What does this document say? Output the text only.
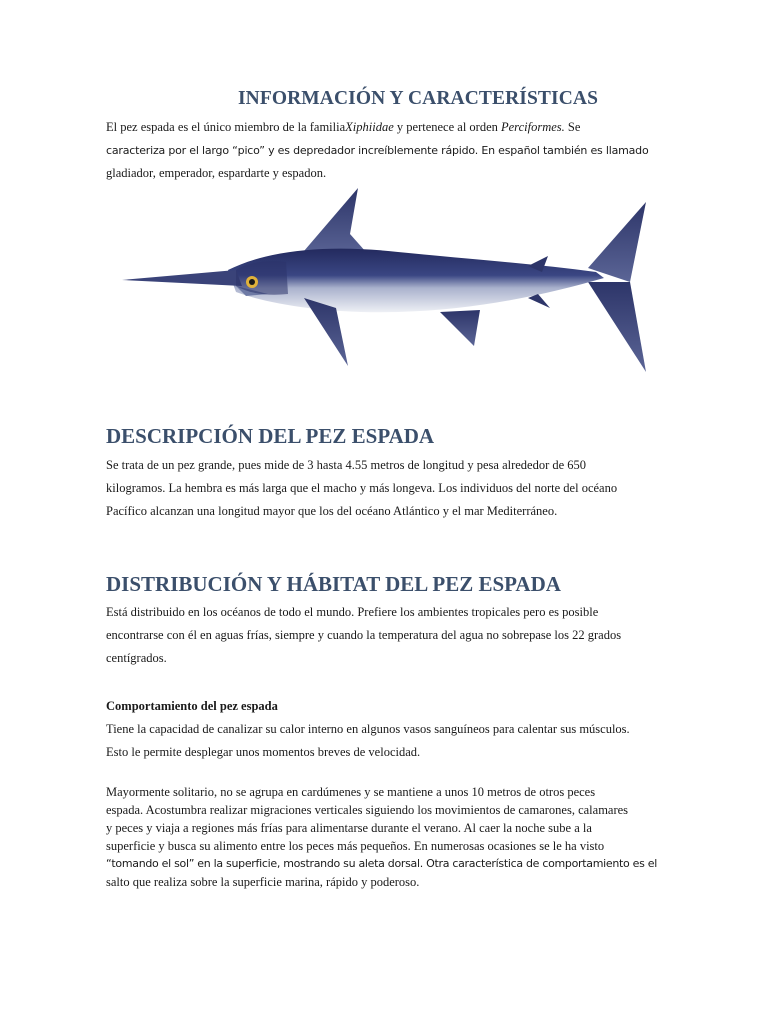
INFORMACIÓN Y CARACTERÍSTICAS
El pez espada es el único miembro de la familiaXiphiidae y pertenece al orden Perciformes. Se
caracteriza por el largo “pico” y es depredador increíblemente rápido. En español también es llamado
gladiador, emperador, espardarte y espadon.
DESCRIPCIÓN DEL PEZ ESPADA
Se trata de un pez grande, pues mide de 3 hasta 4.55 metros de longitud y pesa alrededor de 650
kilogramos. La hembra es más larga que el macho y más longeva. Los individuos del norte del océano
Pacífico alcanzan una longitud mayor que los del océano Atlántico y el mar Mediterráneo.
DISTRIBUCIÓN Y HÁBITAT DEL PEZ ESPADA
Está distribuido en los océanos de todo el mundo. Prefiere los ambientes tropicales pero es posible
encontrarse con él en aguas frías, siempre y cuando la temperatura del agua no sobrepase los 22 grados
centígrados.
Comportamiento del pez espada
Tiene la capacidad de canalizar su calor interno en algunos vasos sanguíneos para calentar sus músculos.
Esto le permite desplegar unos momentos breves de velocidad.
Mayormente solitario, no se agrupa en cardúmenes y se mantiene a unos 10 metros de otros peces
espada. Acostumbra realizar migraciones verticales siguiendo los movimientos de camarones, calamares
y peces y viaja a regiones más frías para alimentarse durante el verano. Al caer la noche sube a la
superficie y busca su alimento entre los peces más pequeños. En numerosas ocasiones se le ha visto
“tomando el sol” en la superficie, mostrando su aleta dorsal. Otra característica de comportamiento es el
salto que realiza sobre la superficie marina, rápido y poderoso.
